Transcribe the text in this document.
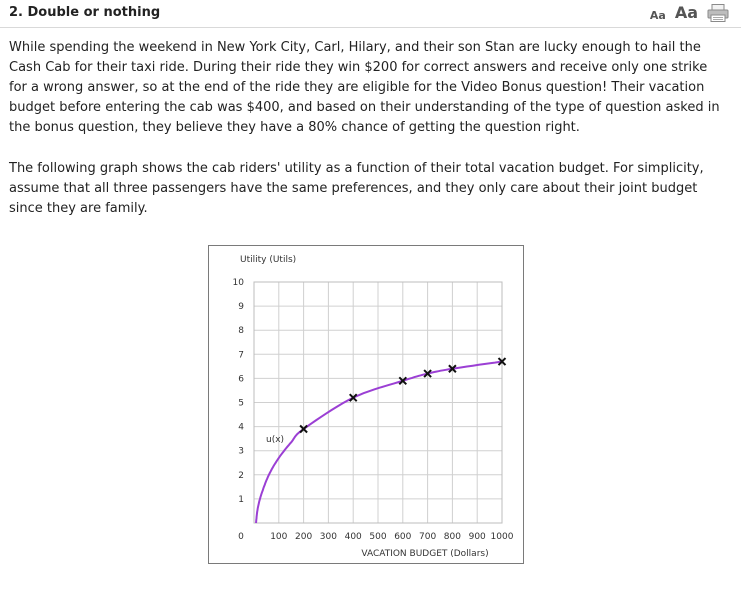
2. Double or nothing	Aa Aa

While spending the weekend in New York City, Carl, Hilary, and their son Stan are lucky enough to hail the Cash Cab for their taxi ride. During their ride they win $200 for correct answers and receive only one strike for a wrong answer, so at the end of the ride they are eligible for the Video Bonus question! Their vacation budget before entering the cab was $400, and based on their understanding of the type of question asked in the bonus question, they believe they have a 80% chance of getting the question right.

The following graph shows the cab riders' utility as a function of their total vacation budget. For simplicity, assume that all three passengers have the same preferences, and they only care about their joint budget since they are family.

Utility (Utils)
1
2
3
4
5
6
7
8
9
10
0	100 200 300 400 500 600 700 800 900 1000
VACATION BUDGET (Dollars)
u(x)
